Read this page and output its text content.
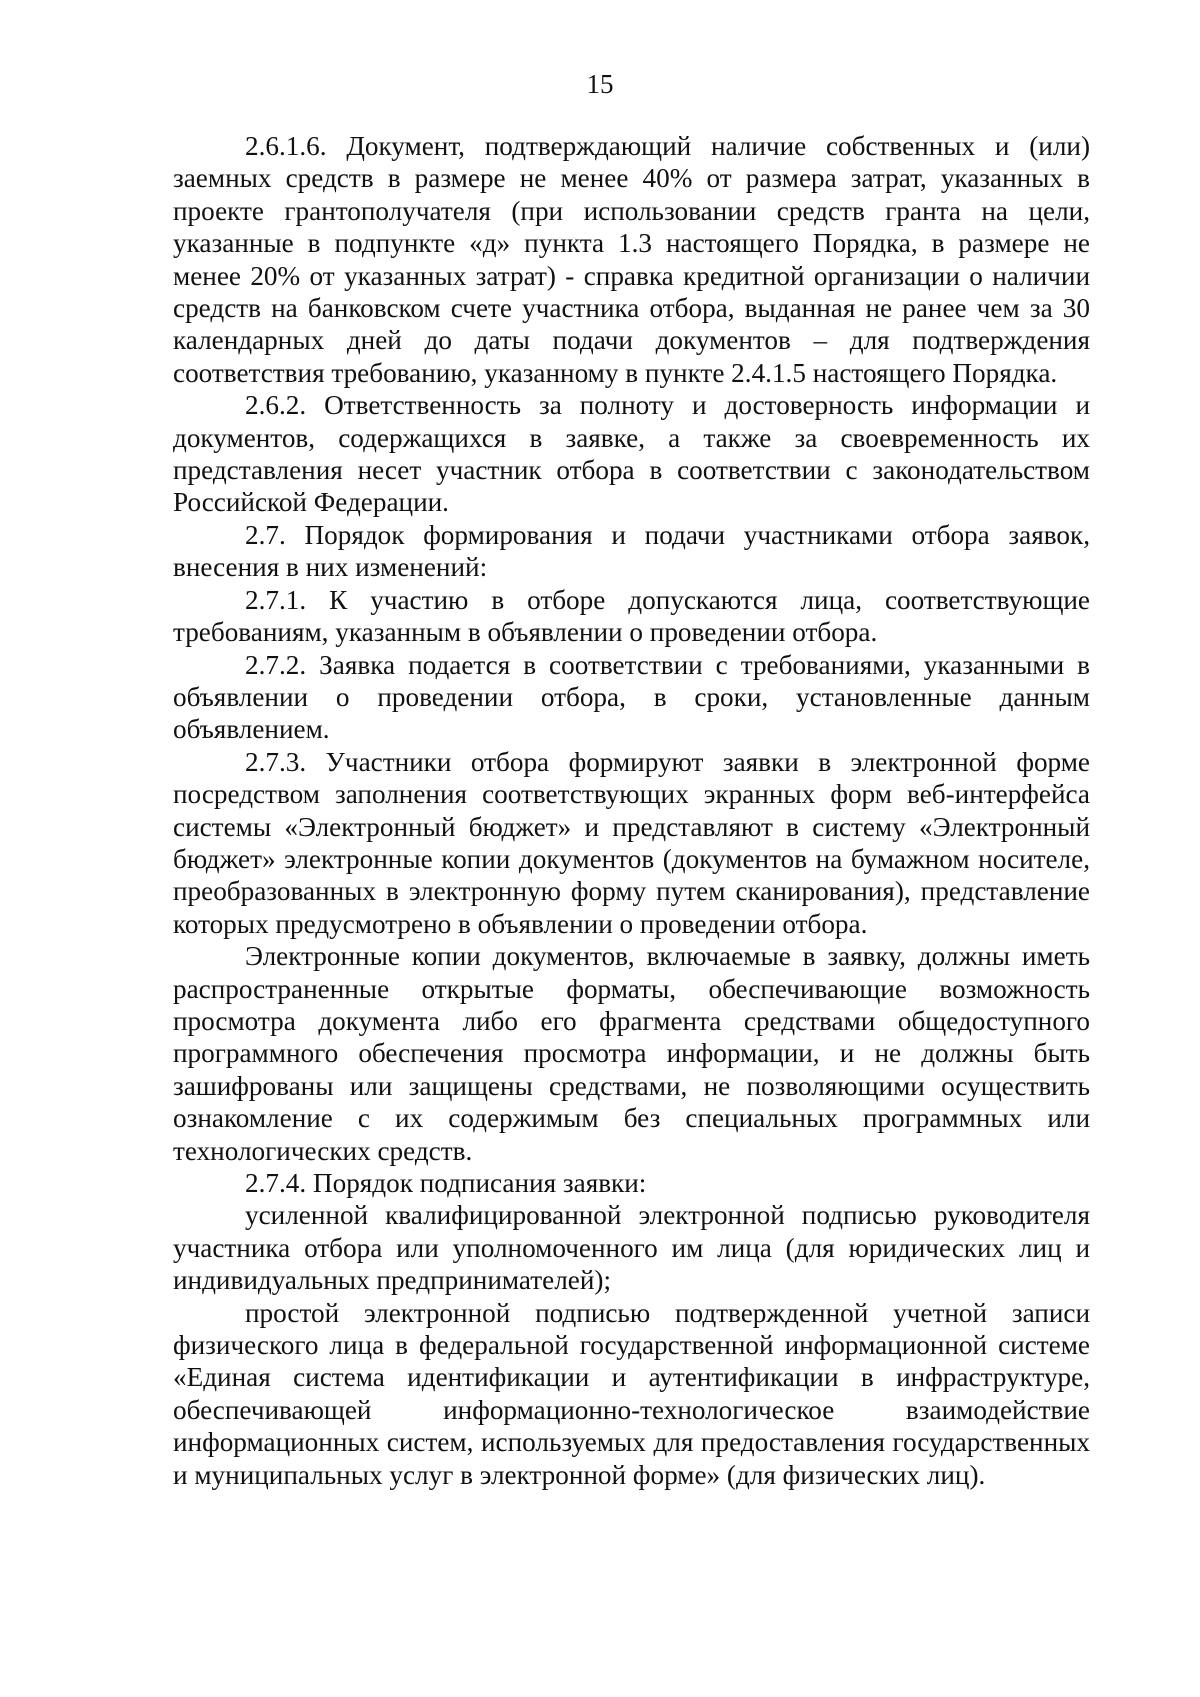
15

2.6.1.6. Документ, подтверждающий наличие собственных и (или) заемных средств в размере не менее 40% от размера затрат, указанных в проекте грантополучателя (при использовании средств гранта на цели, указанные в подпункте «д» пункта 1.3 настоящего Порядка, в размере не менее 20% от указанных затрат) - справка кредитной организации о наличии средств на банковском счете участника отбора, выданная не ранее чем за 30 календарных дней до даты подачи документов – для подтверждения соответствия требованию, указанному в пункте 2.4.1.5 настоящего Порядка.

2.6.2. Ответственность за полноту и достоверность информации и документов, содержащихся в заявке, а также за своевременность их представления несет участник отбора в соответствии с законодательством Российской Федерации.

2.7. Порядок формирования и подачи участниками отбора заявок, внесения в них изменений:

2.7.1. К участию в отборе допускаются лица, соответствующие требованиям, указанным в объявлении о проведении отбора.

2.7.2. Заявка подается в соответствии с требованиями, указанными в объявлении о проведении отбора, в сроки, установленные данным объявлением.

2.7.3. Участники отбора формируют заявки в электронной форме посредством заполнения соответствующих экранных форм веб-интерфейса системы «Электронный бюджет» и представляют в систему «Электронный бюджет» электронные копии документов (документов на бумажном носителе, преобразованных в электронную форму путем сканирования), представление которых предусмотрено в объявлении о проведении отбора.

Электронные копии документов, включаемые в заявку, должны иметь распространенные открытые форматы, обеспечивающие возможность просмотра документа либо его фрагмента средствами общедоступного программного обеспечения просмотра информации, и не должны быть зашифрованы или защищены средствами, не позволяющими осуществить ознакомление с их содержимым без специальных программных или технологических средств.

2.7.4. Порядок подписания заявки:

усиленной квалифицированной электронной подписью руководителя участника отбора или уполномоченного им лица (для юридических лиц и индивидуальных предпринимателей);

простой электронной подписью подтвержденной учетной записи физического лица в федеральной государственной информационной системе «Единая система идентификации и аутентификации в инфраструктуре, обеспечивающей информационно-технологическое взаимодействие информационных систем, используемых для предоставления государственных и муниципальных услуг в электронной форме» (для физических лиц).
